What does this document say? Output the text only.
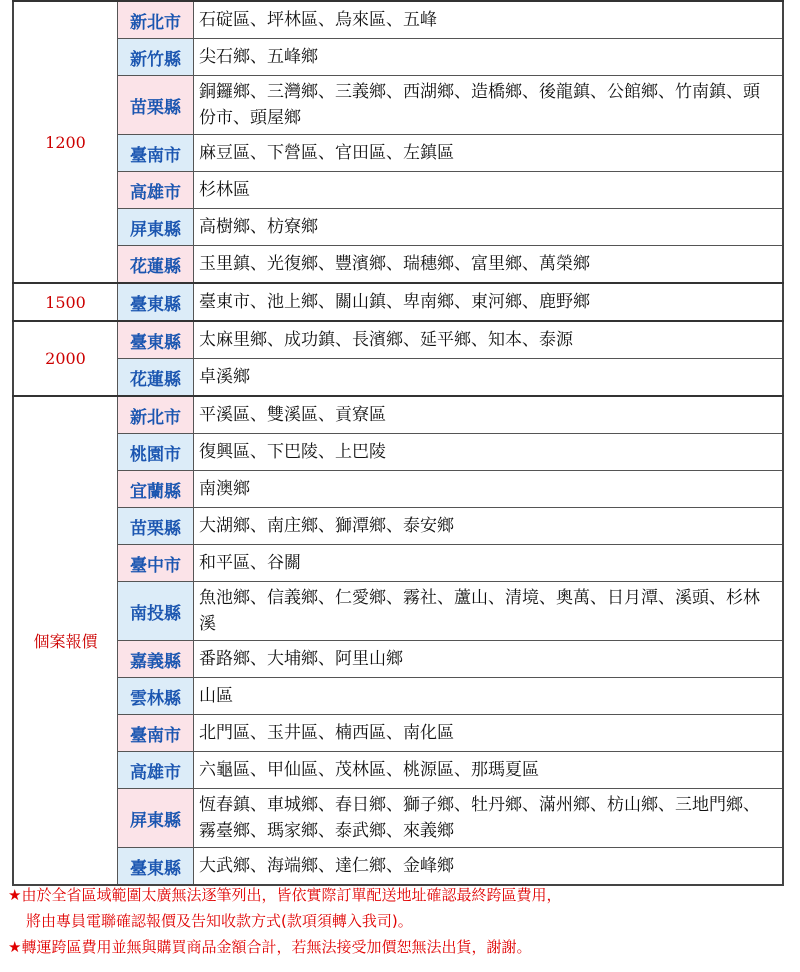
1200	新北市	石碇區、坪林區、烏來區、五峰
	新竹縣	尖石鄉、五峰鄉
	苗栗縣	銅鑼鄉、三灣鄉、三義鄉、西湖鄉、造橋鄉、後龍鎮、公館鄉、竹南鎮、頭份市、頭屋鄉
	臺南市	麻豆區、下營區、官田區、左鎮區
	高雄市	杉林區
	屏東縣	高樹鄉、枋寮鄉
	花蓮縣	玉里鎮、光復鄉、豐濱鄉、瑞穗鄉、富里鄉、萬榮鄉
1500	臺東縣	臺東市、池上鄉、關山鎮、卑南鄉、東河鄉、鹿野鄉
2000	臺東縣	太麻里鄉、成功鎮、長濱鄉、延平鄉、知本、泰源
	花蓮縣	卓溪鄉
個案報價	新北市	平溪區、雙溪區、貢寮區
	桃園市	復興區、下巴陵、上巴陵
	宜蘭縣	南澳鄉
	苗栗縣	大湖鄉、南庄鄉、獅潭鄉、泰安鄉
	臺中市	和平區、谷關
	南投縣	魚池鄉、信義鄉、仁愛鄉、霧社、蘆山、清境、奧萬、日月潭、溪頭、杉林溪
	嘉義縣	番路鄉、大埔鄉、阿里山鄉
	雲林縣	山區
	臺南市	北門區、玉井區、楠西區、南化區
	高雄市	六龜區、甲仙區、茂林區、桃源區、那瑪夏區
	屏東縣	恆春鎮、車城鄉、春日鄉、獅子鄉、牡丹鄉、滿州鄉、枋山鄉、三地門鄉、霧臺鄉、瑪家鄉、泰武鄉、來義鄉
	臺東縣	大武鄉、海端鄉、達仁鄉、金峰鄉
★由於全省區域範圍太廣無法逐筆列出，皆依實際訂單配送地址確認最終跨區費用，
將由專員電聯確認報價及告知收款方式(款項須轉入我司)。
★轉運跨區費用並無與購買商品金額合計，若無法接受加價恕無法出貨，謝謝。
